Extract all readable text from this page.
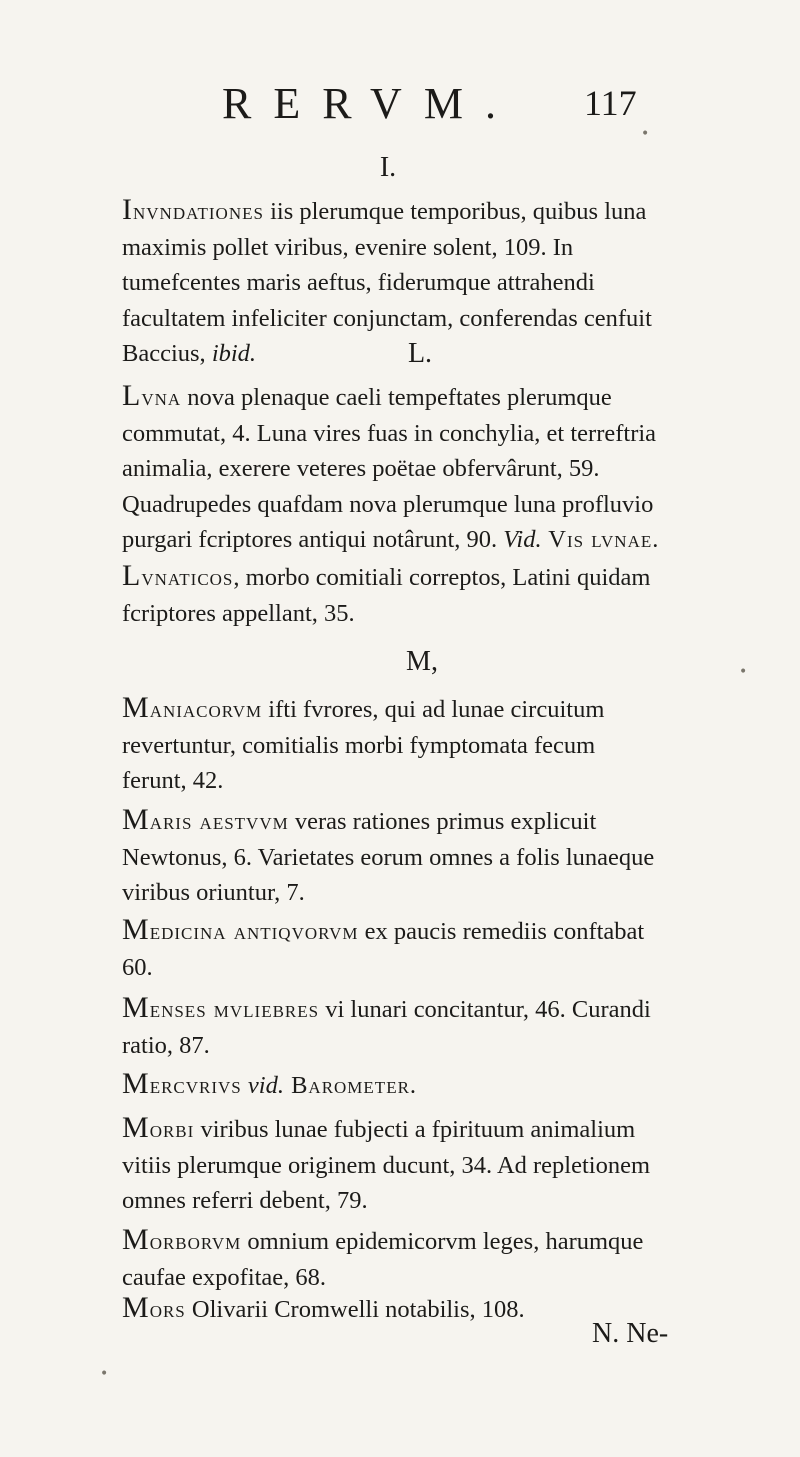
RERVM. 117
I.

Invndationes iis plerumque temporibus, quibus luna maximis pollet viribus, evenire solent, 109. In tumefcentes maris aeftus, fiderumque attrahendi facultatem infeliciter conjunctam, conferendas cenfuit Baccius, ibid.	L.

Lvna nova plenaque caeli tempeftates plerumque commutat, 4. Luna vires fuas in conchylia, et terreftria animalia, exerere veteres poëtae obfervârunt, 59. Quadrupedes quafdam nova plerumque luna profluvio purgari fcriptores antiqui notârunt, 90. Vid. Vis lvnae.

Lvnaticos, morbo comitiali correptos, Latini quidam fcriptores appellant, 35.

M,

Maniacorvm ifti fvrores, qui ad lunae circuitum revertuntur, comitialis morbi fymptomata fecum ferunt, 42.

Maris aestvvm veras rationes primus explicuit Newtonus, 6. Varietates eorum omnes a folis lunaeque viribus oriuntur, 7.

Medicina antiqvorvm ex paucis remediis conftabat 60.

Menses mvliebres vi lunari concitantur, 46. Curandi ratio, 87.

Mercvrivs vid. Barometer.

Morbi viribus lunae fubjecti a fpirituum animalium vitiis plerumque originem ducunt, 34. Ad repletionem omnes referri debent, 79.

Morborvm omnium epidemicorvm leges, harumque caufae expofitae, 68.

Mors Olivarii Cromwelli notabilis, 108.

N. Ne-
•
•
•
